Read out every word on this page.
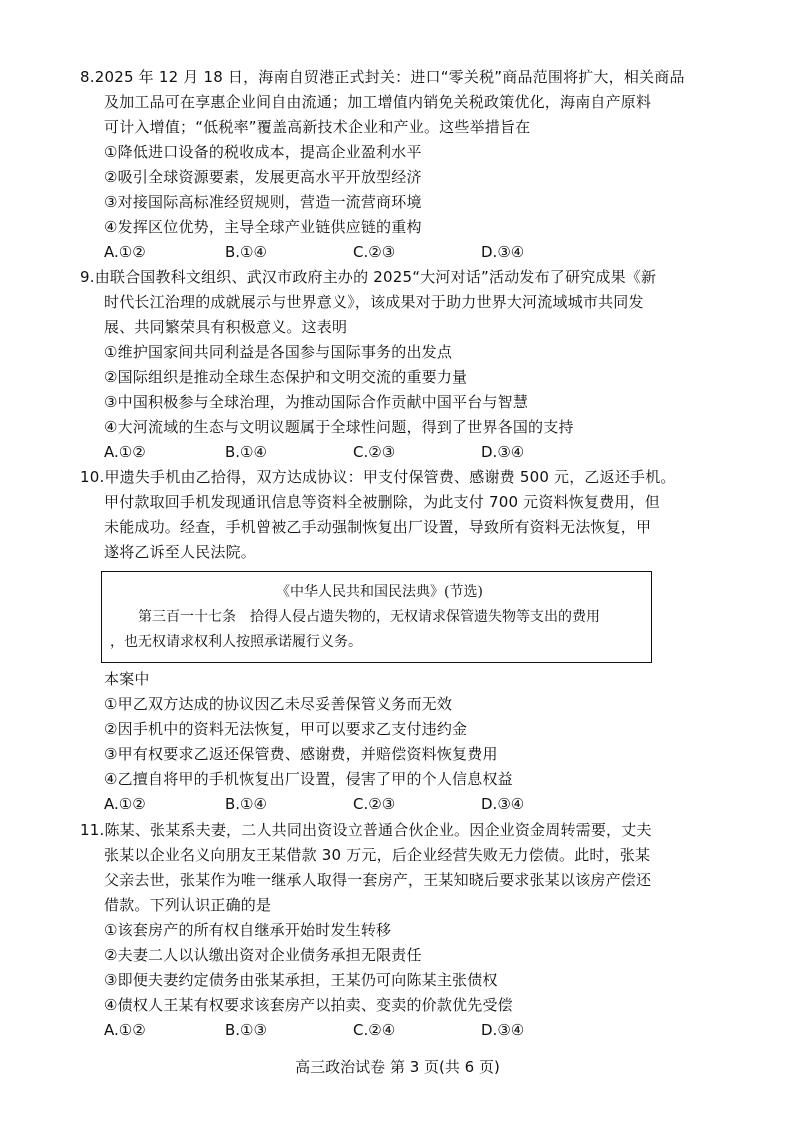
8.2025 年 12 月 18 日，海南自贸港正式封关：进口“零关税”商品范围将扩大，相关商品
及加工品可在享惠企业间自由流通；加工增值内销免关税政策优化，海南自产原料
可计入增值；“低税率”覆盖高新技术企业和产业。这些举措旨在
①降低进口设备的税收成本，提高企业盈利水平
②吸引全球资源要素，发展更高水平开放型经济
③对接国际高标准经贸规则，营造一流营商环境
④发挥区位优势，主导全球产业链供应链的重构
A.①②	B.①④	C.②③	D.③④
9.由联合国教科文组织、武汉市政府主办的 2025“大河对话”活动发布了研究成果《新
时代长江治理的成就展示与世界意义》，该成果对于助力世界大河流域城市共同发
展、共同繁荣具有积极意义。这表明
①维护国家间共同利益是各国参与国际事务的出发点
②国际组织是推动全球生态保护和文明交流的重要力量
③中国积极参与全球治理，为推动国际合作贡献中国平台与智慧
④大河流域的生态与文明议题属于全球性问题，得到了世界各国的支持
A.①②	B.①④	C.②③	D.③④
10.甲遗失手机由乙拾得，双方达成协议：甲支付保管费、感谢费 500 元，乙返还手机。
甲付款取回手机发现通讯信息等资料全被删除，为此支付 700 元资料恢复费用，但
未能成功。经查，手机曾被乙手动强制恢复出厂设置，导致所有资料无法恢复，甲
遂将乙诉至人民法院。
《中华人民共和国民法典》(节选)
第三百一十七条　拾得人侵占遗失物的，无权请求保管遗失物等支出的费用
，也无权请求权利人按照承诺履行义务。
本案中
①甲乙双方达成的协议因乙未尽妥善保管义务而无效
②因手机中的资料无法恢复，甲可以要求乙支付违约金
③甲有权要求乙返还保管费、感谢费，并赔偿资料恢复费用
④乙擅自将甲的手机恢复出厂设置，侵害了甲的个人信息权益
A.①②	B.①④	C.②③	D.③④
11.陈某、张某系夫妻，二人共同出资设立普通合伙企业。因企业资金周转需要，丈夫
张某以企业名义向朋友王某借款 30 万元，后企业经营失败无力偿债。此时，张某
父亲去世，张某作为唯一继承人取得一套房产，王某知晓后要求张某以该房产偿还
借款。下列认识正确的是
①该套房产的所有权自继承开始时发生转移
②夫妻二人以认缴出资对企业债务承担无限责任
③即便夫妻约定债务由张某承担，王某仍可向陈某主张债权
④债权人王某有权要求该套房产以拍卖、变卖的价款优先受偿
A.①②	B.①③	C.②④	D.③④
高三政治试卷 第 3 页(共 6 页)
